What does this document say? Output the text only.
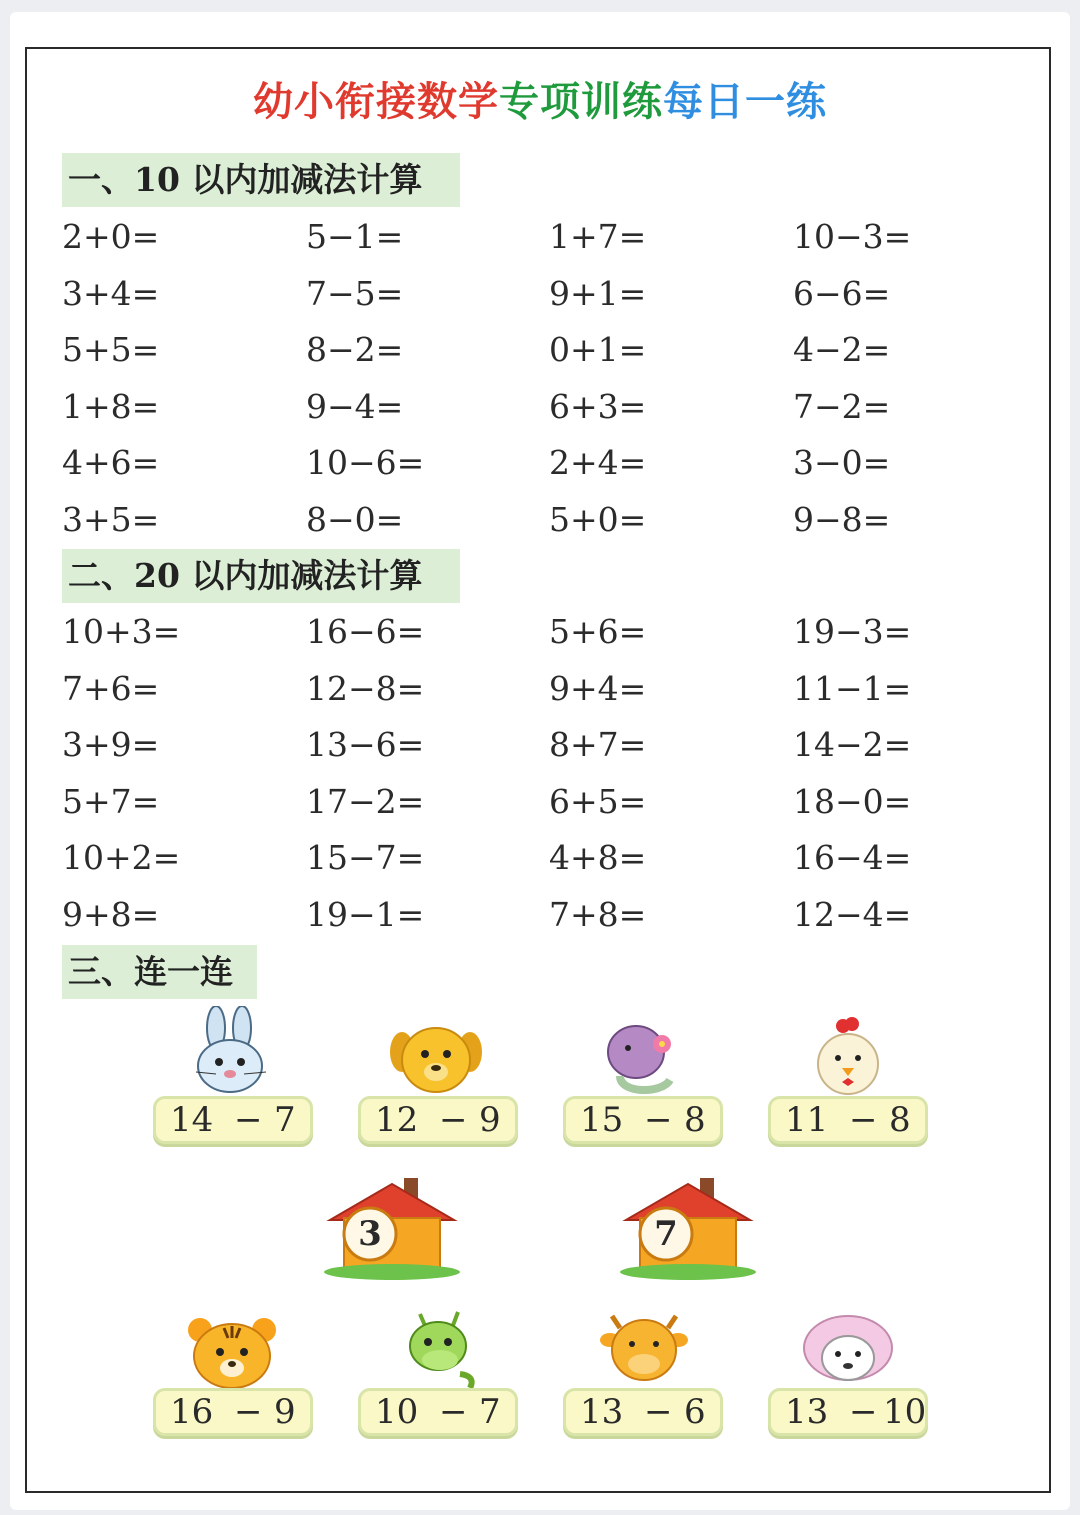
幼小衔接数学专项训练每日一练
一、10 以内加减法计算
2+0=	5−1=	1+7=	10−3=
3+4=	7−5=	9+1=	6−6=
5+5=	8−2=	0+1=	4−2=
1+8=	9−4=	6+3=	7−2=
4+6=	10−6=	2+4=	3−0=
3+5=	8−0=	5+0=	9−8=
二、20 以内加减法计算
10+3=	16−6=	5+6=	19−3=
7+6=	12−8=	9+4=	11−1=
3+9=	13−6=	8+7=	14−2=
5+7=	17−2=	6+5=	18−0=
10+2=	15−7=	4+8=	16−4=
9+8=	19−1=	7+8=	12−4=
三、连一连
14 − 7 12 − 9 15 − 8 11 − 8
3	7
16 − 9 10 − 7 13 − 6 13 − 10
